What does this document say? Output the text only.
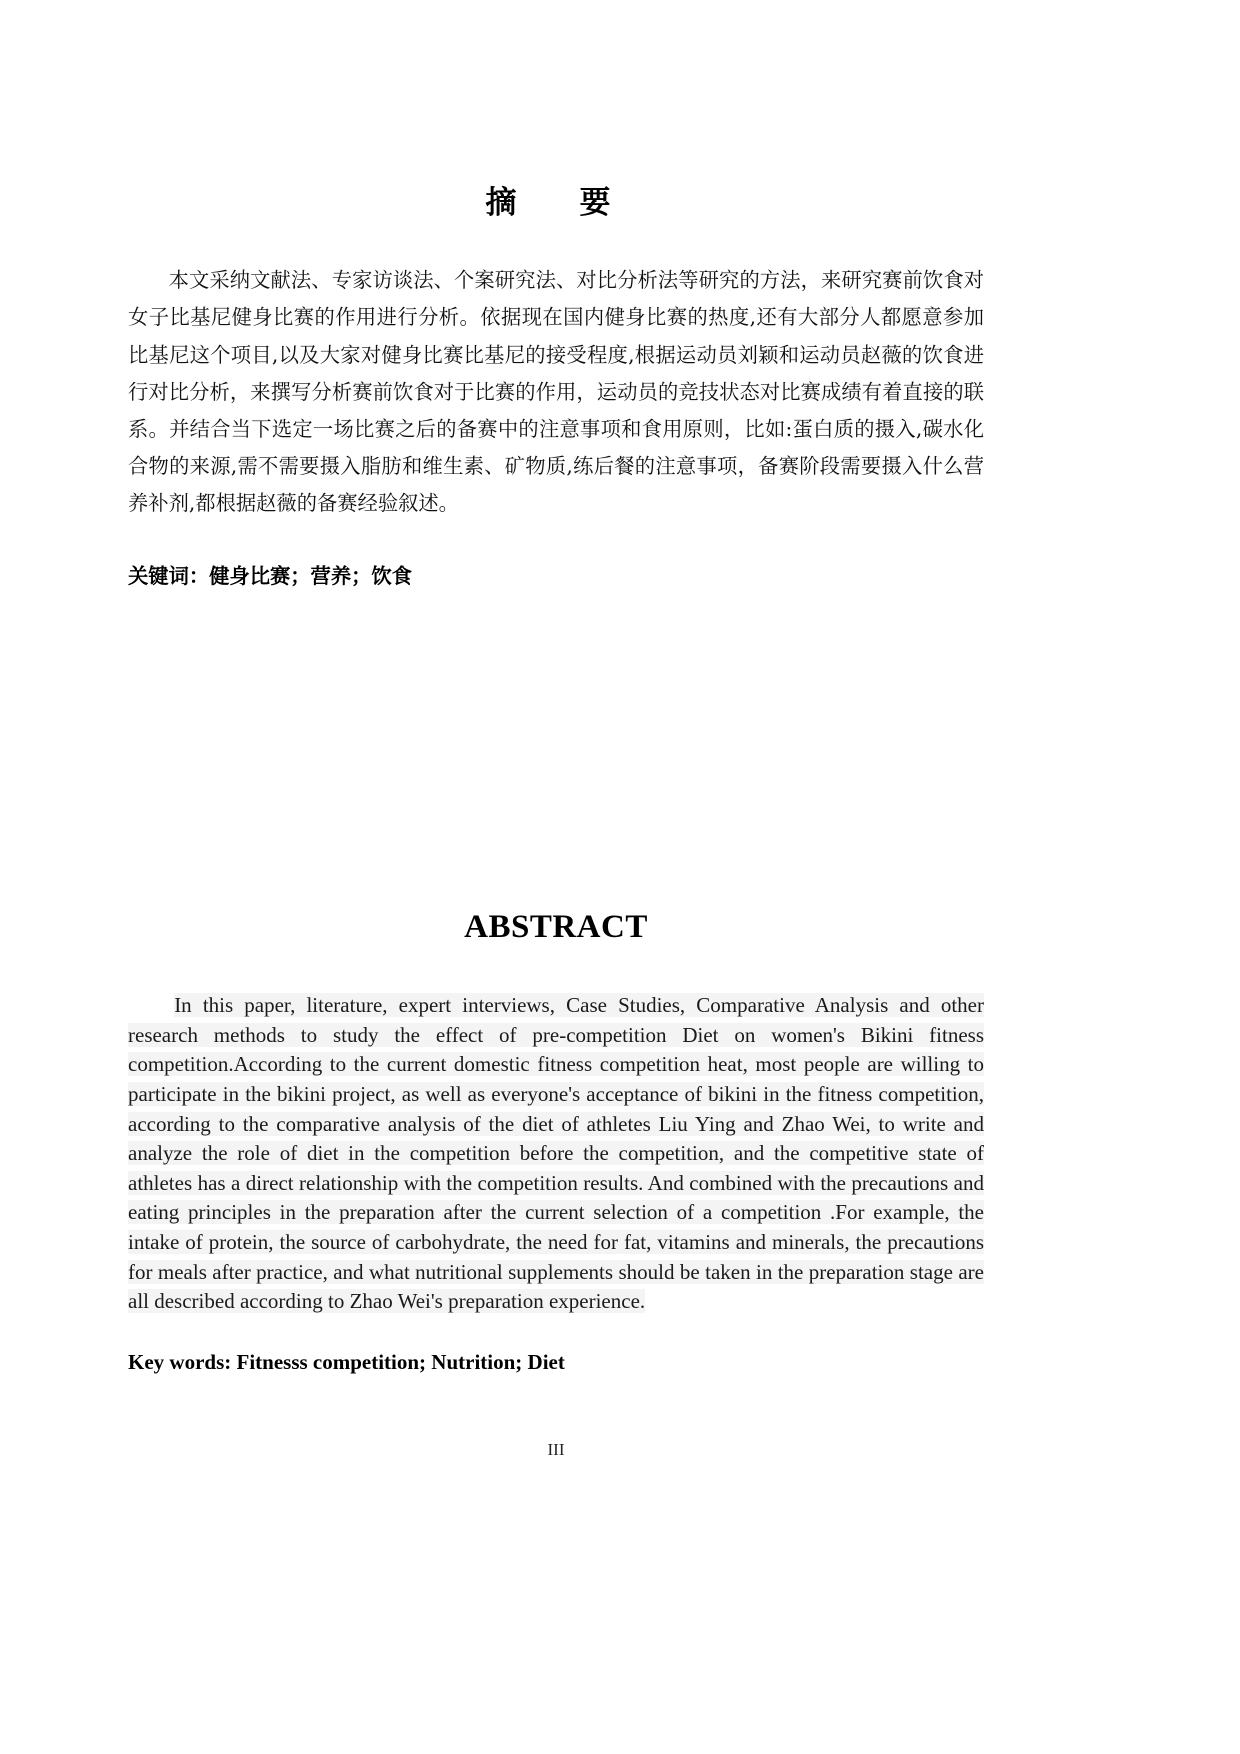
摘　要

本文采纳文献法、专家访谈法、个案研究法、对比分析法等研究的方法，来研究赛前饮食对女子比基尼健身比赛的作用进行分析。依据现在国内健身比赛的热度,还有大部分人都愿意参加比基尼这个项目,以及大家对健身比赛比基尼的接受程度,根据运动员刘颖和运动员赵薇的饮食进行对比分析，来撰写分析赛前饮食对于比赛的作用，运动员的竞技状态对比赛成绩有着直接的联系。并结合当下选定一场比赛之后的备赛中的注意事项和食用原则，比如:蛋白质的摄入,碳水化合物的来源,需不需要摄入脂肪和维生素、矿物质,练后餐的注意事项，备赛阶段需要摄入什么营养补剂,都根据赵薇的备赛经验叙述。

关键词：健身比赛；营养；饮食

ABSTRACT

In this paper, literature, expert interviews, Case Studies, Comparative Analysis and other research methods to study the effect of pre-competition Diet on women's Bikini fitness competition.According to the current domestic fitness competition heat, most people are willing to participate in the bikini project, as well as everyone's acceptance of bikini in the fitness competition, according to the comparative analysis of the diet of athletes Liu Ying and Zhao Wei, to write and analyze the role of diet in the competition before the competition, and the competitive state of athletes has a direct relationship with the competition results. And combined with the precautions and eating principles in the preparation after the current selection of a competition .For example, the intake of protein, the source of carbohydrate, the need for fat, vitamins and minerals, the precautions for meals after practice, and what nutritional supplements should be taken in the preparation stage are all described according to Zhao Wei's preparation experience.

Key words: Fitnesss competition; Nutrition; Diet

III
